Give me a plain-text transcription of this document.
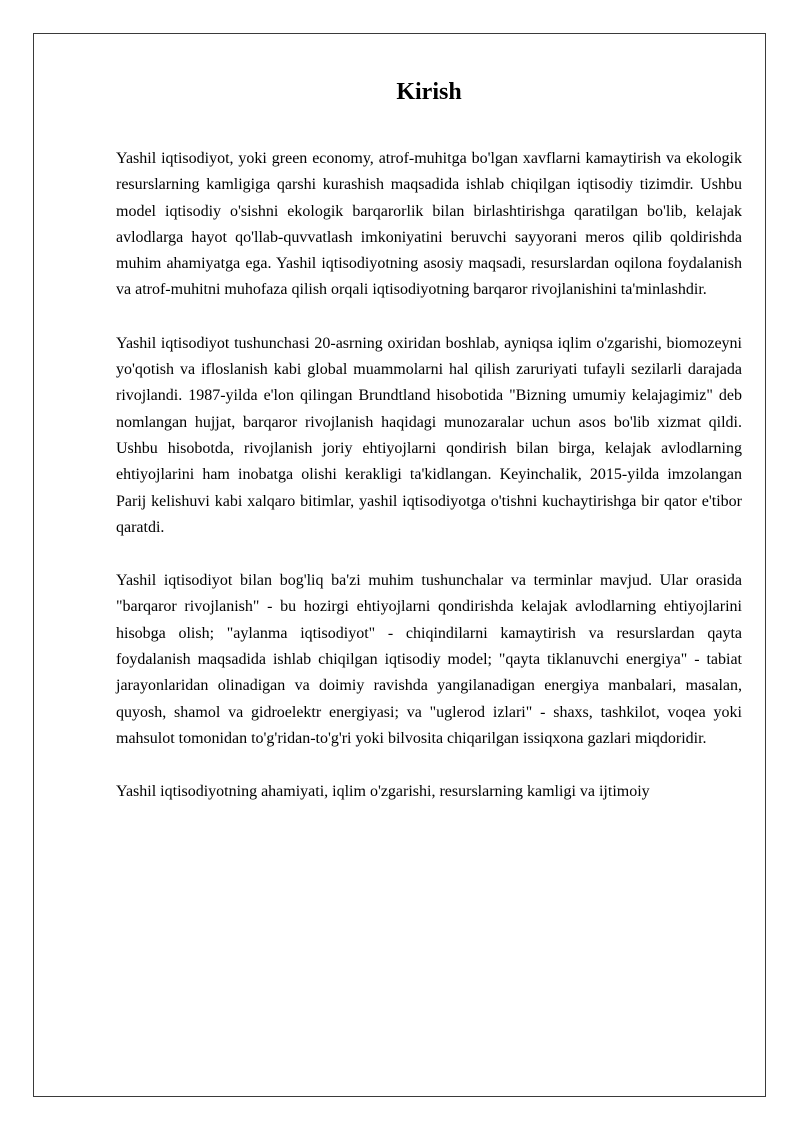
Kirish

Yashil iqtisodiyot, yoki green economy, atrof-muhitga bo'lgan xavflarni kamaytirish va ekologik resurslarning kamligiga qarshi kurashish maqsadida ishlab chiqilgan iqtisodiy tizimdir. Ushbu model iqtisodiy o'sishni ekologik barqarorlik bilan birlashtirishga qaratilgan bo'lib, kelajak avlodlarga hayot qo'llab-quvvatlash imkoniyatini beruvchi sayyorani meros qilib qoldirishda muhim ahamiyatga ega. Yashil iqtisodiyotning asosiy maqsadi, resurslardan oqilona foydalanish va atrof-muhitni muhofaza qilish orqali iqtisodiyotning barqaror rivojlanishini ta'minlashdir.

Yashil iqtisodiyot tushunchasi 20-asrning oxiridan boshlab, ayniqsa iqlim o'zgarishi, biomozeyni yo'qotish va ifloslanish kabi global muammolarni hal qilish zaruriyati tufayli sezilarli darajada rivojlandi. 1987-yilda e'lon qilingan Brundtland hisobotida "Bizning umumiy kelajagimiz" deb nomlangan hujjat, barqaror rivojlanish haqidagi munozaralar uchun asos bo'lib xizmat qildi. Ushbu hisobotda, rivojlanish joriy ehtiyojlarni qondirish bilan birga, kelajak avlodlarning ehtiyojlarini ham inobatga olishi kerakligi ta'kidlangan. Keyinchalik, 2015-yilda imzolangan Parij kelishuvi kabi xalqaro bitimlar, yashil iqtisodiyotga o'tishni kuchaytirishga bir qator e'tibor qaratdi.

Yashil iqtisodiyot bilan bog'liq ba'zi muhim tushunchalar va terminlar mavjud. Ular orasida "barqaror rivojlanish" - bu hozirgi ehtiyojlarni qondirishda kelajak avlodlarning ehtiyojlarini hisobga olish; "aylanma iqtisodiyot" - chiqindilarni kamaytirish va resurslardan qayta foydalanish maqsadida ishlab chiqilgan iqtisodiy model; "qayta tiklanuvchi energiya" - tabiat jarayonlaridan olinadigan va doimiy ravishda yangilanadigan energiya manbalari, masalan, quyosh, shamol va gidroelektr energiyasi; va "uglerod izlari" - shaxs, tashkilot, voqea yoki mahsulot tomonidan to'g'ridan-to'g'ri yoki bilvosita chiqarilgan issiqxona gazlari miqdoridir.

Yashil iqtisodiyotning ahamiyati, iqlim o'zgarishi, resurslarning kamligi va ijtimoiy
